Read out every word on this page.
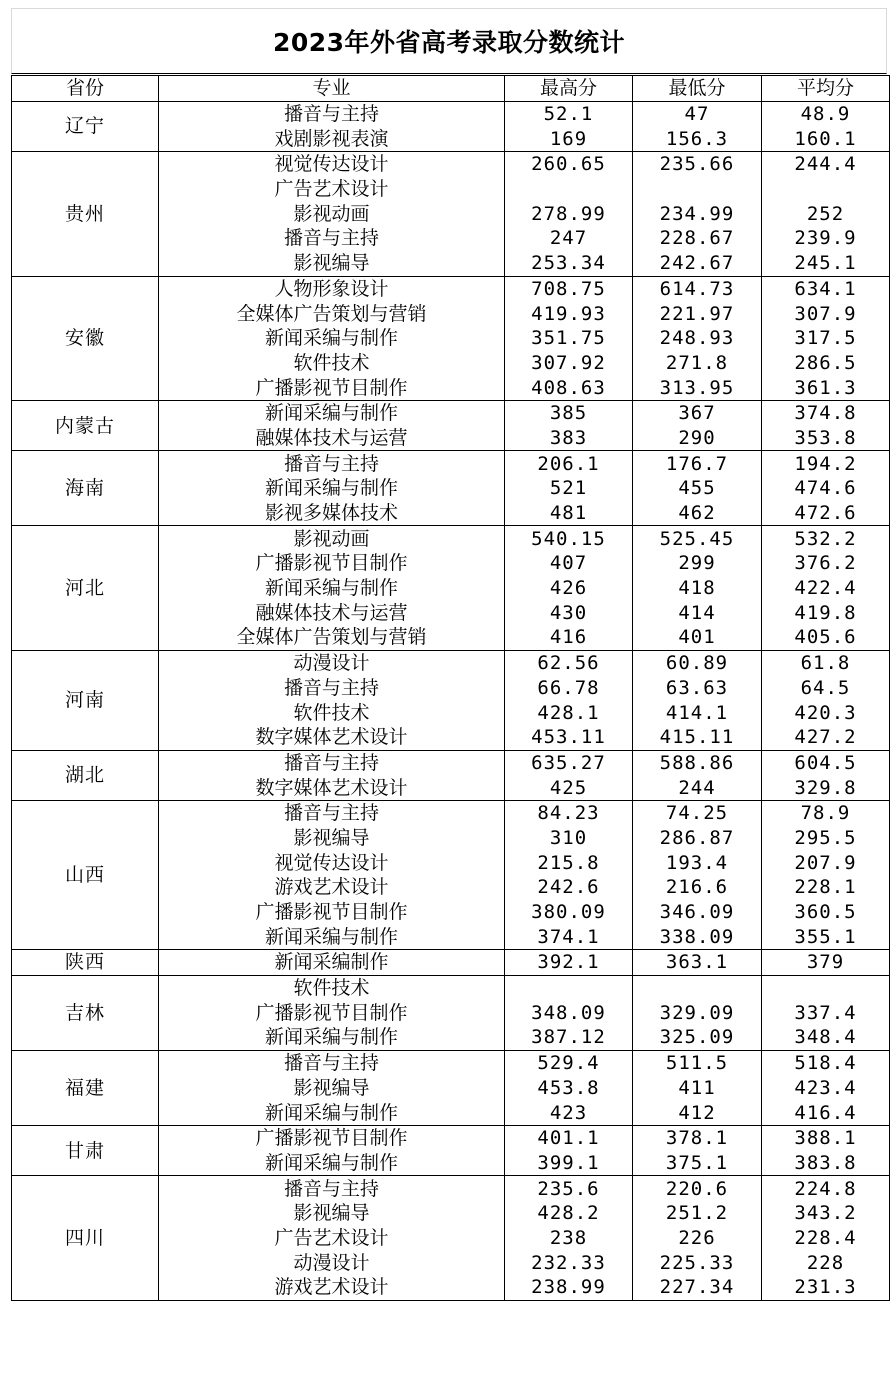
2023年外省高考录取分数统计
省份	专业	最高分	最低分	平均分
辽宁	播音与主持	52.1	47	48.9
	戏剧影视表演	169	156.3	160.1
贵州	视觉传达设计	260.65	235.66	244.4
	广告艺术设计			
	影视动画	278.99	234.99	252
	播音与主持	247	228.67	239.9
	影视编导	253.34	242.67	245.1
安徽	人物形象设计	708.75	614.73	634.1
	全媒体广告策划与营销	419.93	221.97	307.9
	新闻采编与制作	351.75	248.93	317.5
	软件技术	307.92	271.8	286.5
	广播影视节目制作	408.63	313.95	361.3
内蒙古	新闻采编与制作	385	367	374.8
	融媒体技术与运营	383	290	353.8
海南	播音与主持	206.1	176.7	194.2
	新闻采编与制作	521	455	474.6
	影视多媒体技术	481	462	472.6
河北	影视动画	540.15	525.45	532.2
	广播影视节目制作	407	299	376.2
	新闻采编与制作	426	418	422.4
	融媒体技术与运营	430	414	419.8
	全媒体广告策划与营销	416	401	405.6
河南	动漫设计	62.56	60.89	61.8
	播音与主持	66.78	63.63	64.5
	软件技术	428.1	414.1	420.3
	数字媒体艺术设计	453.11	415.11	427.2
湖北	播音与主持	635.27	588.86	604.5
	数字媒体艺术设计	425	244	329.8
山西	播音与主持	84.23	74.25	78.9
	影视编导	310	286.87	295.5
	视觉传达设计	215.8	193.4	207.9
	游戏艺术设计	242.6	216.6	228.1
	广播影视节目制作	380.09	346.09	360.5
	新闻采编与制作	374.1	338.09	355.1
陕西	新闻采编制作	392.1	363.1	379
吉林	软件技术			
	广播影视节目制作	348.09	329.09	337.4
	新闻采编与制作	387.12	325.09	348.4
福建	播音与主持	529.4	511.5	518.4
	影视编导	453.8	411	423.4
	新闻采编与制作	423	412	416.4
甘肃	广播影视节目制作	401.1	378.1	388.1
	新闻采编与制作	399.1	375.1	383.8
四川	播音与主持	235.6	220.6	224.8
	影视编导	428.2	251.2	343.2
	广告艺术设计	238	226	228.4
	动漫设计	232.33	225.33	228
	游戏艺术设计	238.99	227.34	231.3
